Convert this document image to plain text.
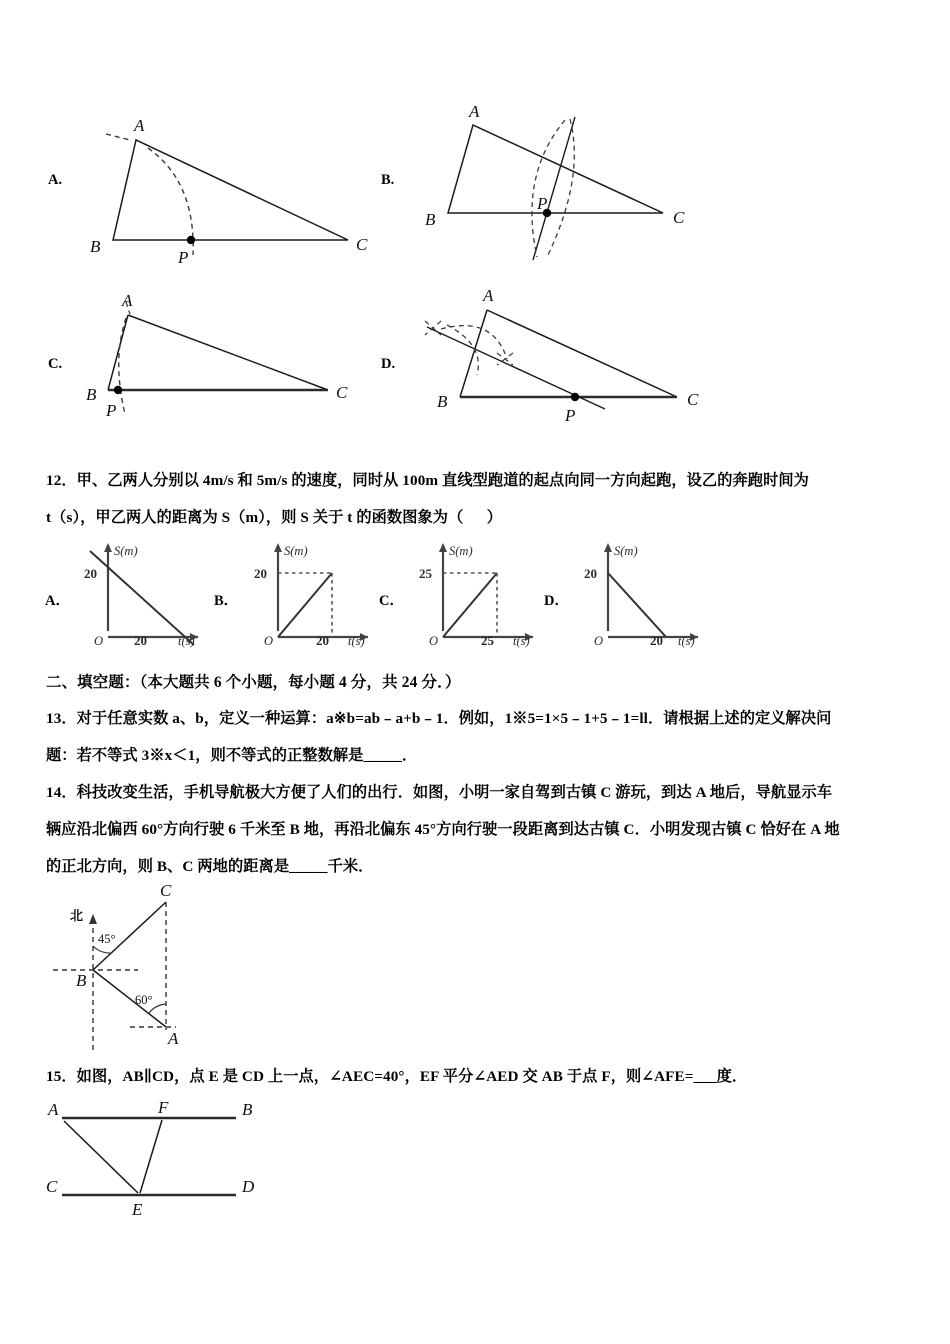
A.
A
B	C
P
B.
A
B	C
P
C.
A
B	C
P
D.
A
B	C
P
12．甲、乙两人分别以 4m/s 和 5m/s 的速度，同时从 100m 直线型跑道的起点向同一方向起跑，设乙的奔跑时间为
t（s），甲乙两人的距离为 S（m），则 S 关于 t 的函数图象为（      ）
A．
S(m)
t(s)
20
20
O
B．
S(m)
t(s)
20
20
O
C．
S(m)
t(s)
25
25
O
D．
S(m)
t(s)
20
20
O
二、填空题：（本大题共 6 个小题，每小题 4 分，共 24 分．）
13．对于任意实数 a、b，定义一种运算：a※b=ab﹣a+b﹣1．例如，1※5=1×5﹣1+5﹣1=ll．请根据上述的定义解决问
题：若不等式 3※x＜1，则不等式的正整数解是_____．
14．科技改变生活，手机导航极大方便了人们的出行．如图，小明一家自驾到古镇 C 游玩，到达 A 地后，导航显示车
辆应沿北偏西 60°方向行驶 6 千米至 B 地，再沿北偏东 45°方向行驶一段距离到达古镇 C．小明发现古镇 C 恰好在 A 地
的正北方向，则 B、C 两地的距离是_____千米．
北
45°
60°
B
C
A
15．如图，AB∥CD，点 E 是 CD 上一点，∠AEC=40°，EF 平分∠AED 交 AB 于点 F，则∠AFE=___度．
A	F	B
C
E
D
